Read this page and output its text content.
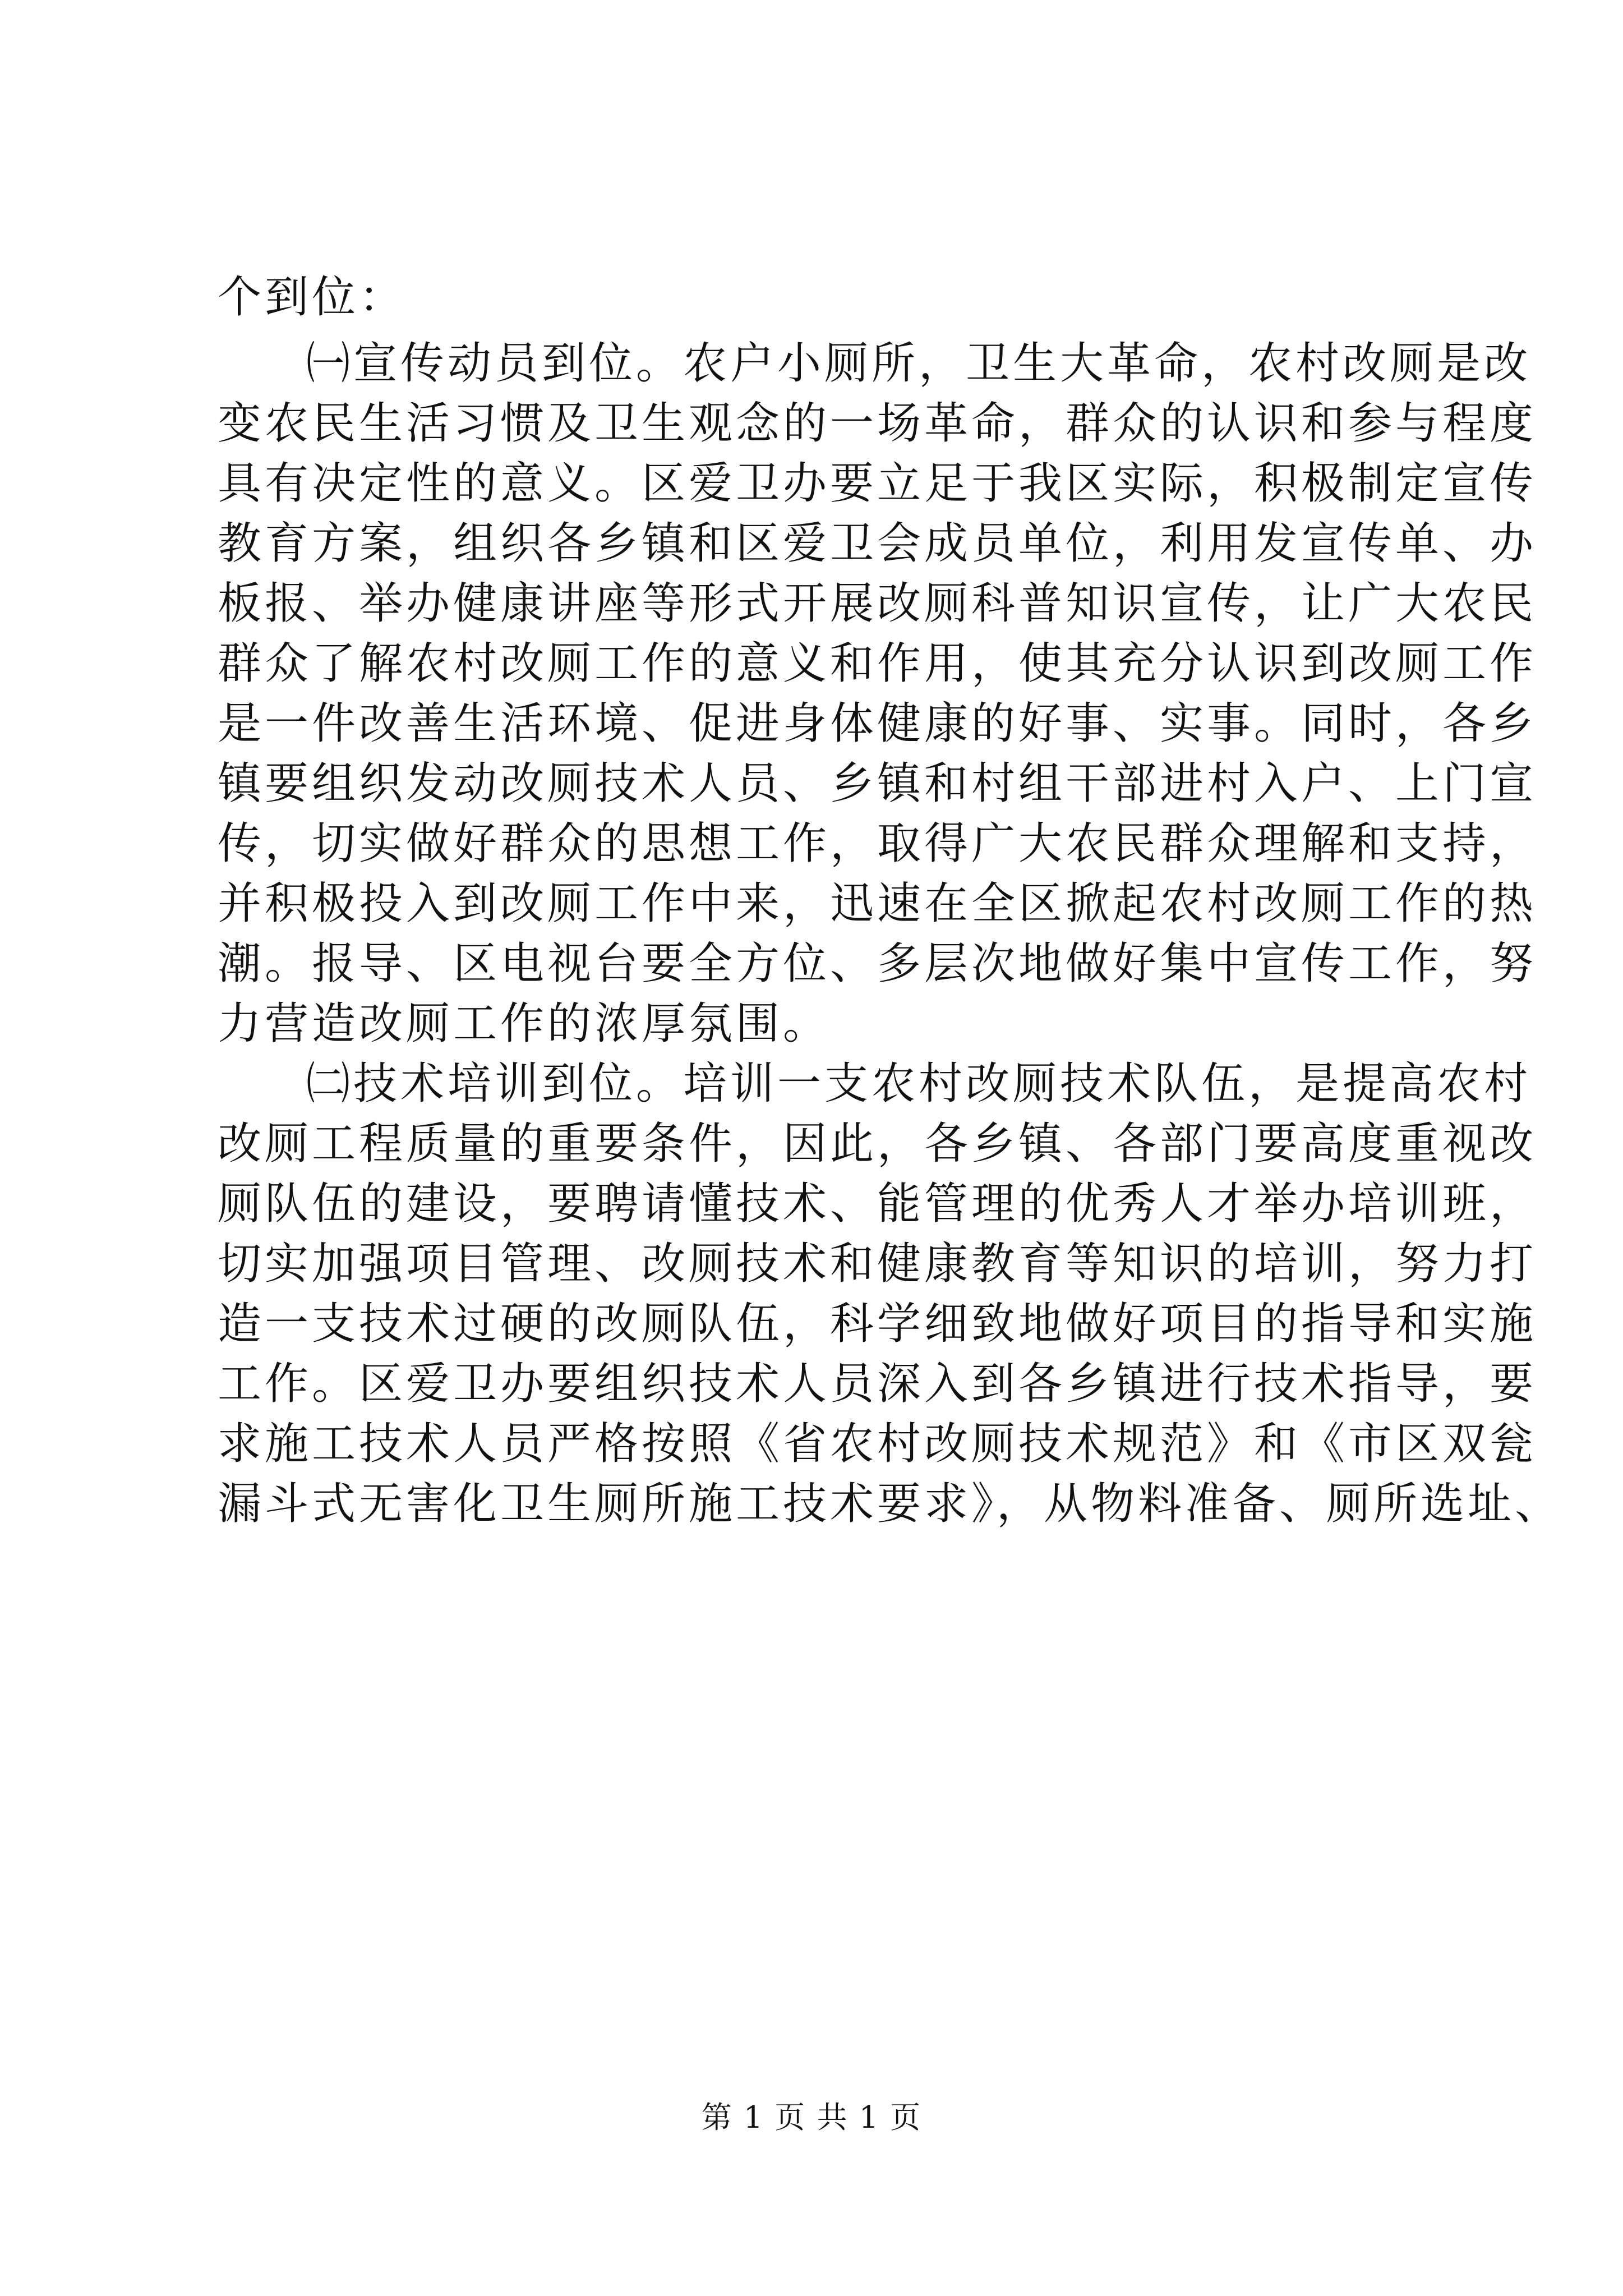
个到位：
㈠宣传动员到位。农户小厕所，卫生大革命，农村改厕是改
变农民生活习惯及卫生观念的一场革命，群众的认识和参与程度
具有决定性的意义。区爱卫办要立足于我区实际，积极制定宣传
教育方案，组织各乡镇和区爱卫会成员单位，利用发宣传单、办
板报、举办健康讲座等形式开展改厕科普知识宣传，让广大农民
群众了解农村改厕工作的意义和作用，使其充分认识到改厕工作
是一件改善生活环境、促进身体健康的好事、实事。同时，各乡
镇要组织发动改厕技术人员、乡镇和村组干部进村入户、上门宣
传，切实做好群众的思想工作，取得广大农民群众理解和支持，
并积极投入到改厕工作中来，迅速在全区掀起农村改厕工作的热
潮。报导、区电视台要全方位、多层次地做好集中宣传工作，努
力营造改厕工作的浓厚氛围。
㈡技术培训到位。培训一支农村改厕技术队伍，是提高农村
改厕工程质量的重要条件，因此，各乡镇、各部门要高度重视改
厕队伍的建设，要聘请懂技术、能管理的优秀人才举办培训班，
切实加强项目管理、改厕技术和健康教育等知识的培训，努力打
造一支技术过硬的改厕队伍，科学细致地做好项目的指导和实施
工作。区爱卫办要组织技术人员深入到各乡镇进行技术指导，要
求施工技术人员严格按照《省农村改厕技术规范》和《市区双瓮
漏斗式无害化卫生厕所施工技术要求》，从物料准备、厕所选址、
第 1 页 共 1 页
